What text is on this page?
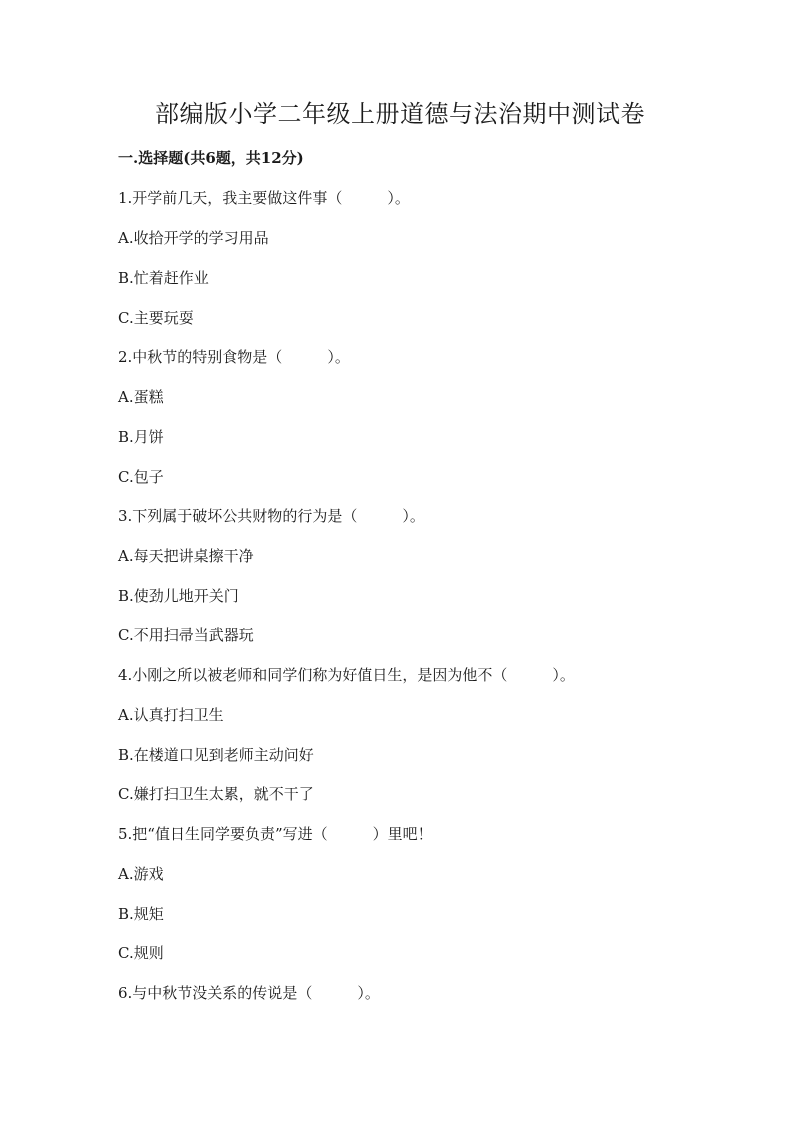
部编版小学二年级上册道德与法治期中测试卷
一.选择题(共6题，共12分)
1.开学前几天，我主要做这件事（　　　）。
A.收拾开学的学习用品
B.忙着赶作业
C.主要玩耍
2.中秋节的特别食物是（　　　）。
A.蛋糕
B.月饼
C.包子
3.下列属于破坏公共财物的行为是（　　　）。
A.每天把讲桌擦干净
B.使劲儿地开关门
C.不用扫帚当武器玩
4.小刚之所以被老师和同学们称为好值日生，是因为他不（　　　）。
A.认真打扫卫生
B.在楼道口见到老师主动问好
C.嫌打扫卫生太累，就不干了
5.把“值日生同学要负责”写进（　　　）里吧！
A.游戏
B.规矩
C.规则
6.与中秋节没关系的传说是（　　　）。
